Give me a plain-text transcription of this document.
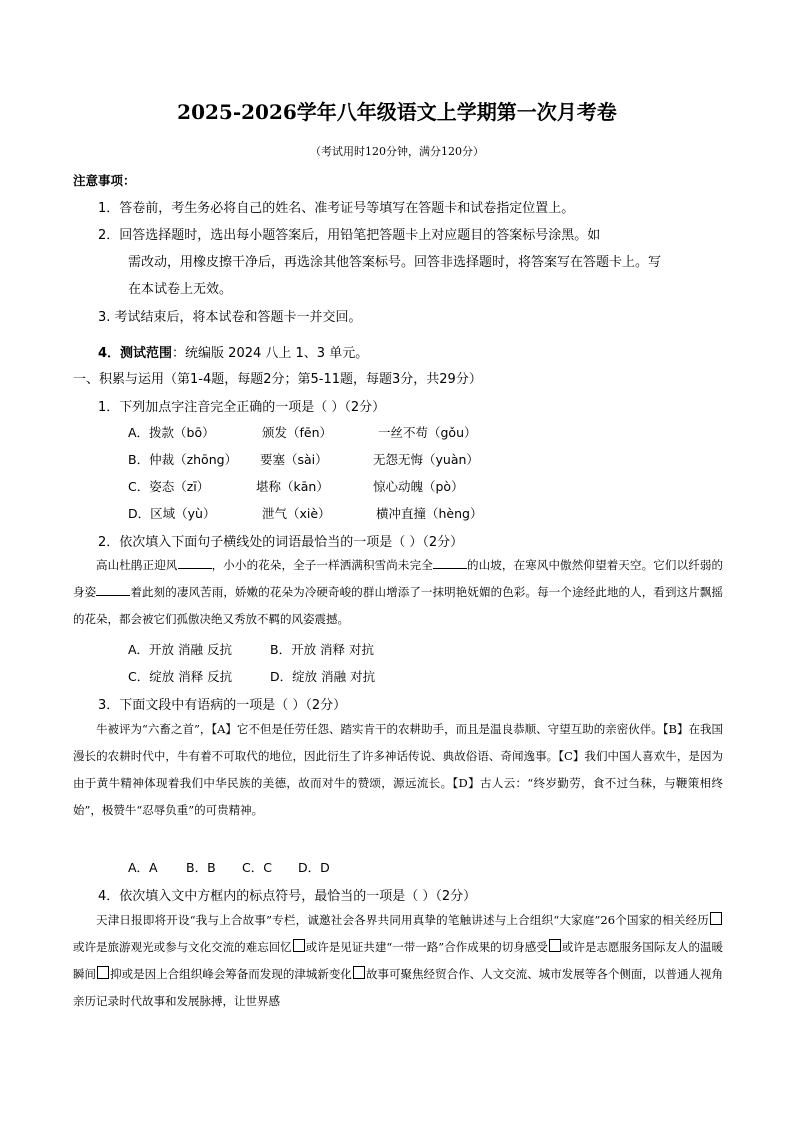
2025-2026学年八年级语文上学期第一次月考卷
（考试用时120分钟，满分120分）
注意事项：
1．答卷前，考生务必将自己的姓名、准考证号等填写在答题卡和试卷指定位置上。
2．回答选择题时，选出每小题答案后，用铅笔把答题卡上对应题目的答案标号涂黑。如
需改动，用橡皮擦干净后，再选涂其他答案标号。回答非选择题时，将答案写在答题卡上。写
在本试卷上无效。
3. 考试结束后，将本试卷和答题卡一并交回。
4．测试范围：统编版 2024 八上 1、3 单元。
一、积累与运用（第1-4题，每题2分；第5-11题，每题3分，共29分）
1．下列加点字注音完全正确的一项是（ ）（2分）
A．拨款（bō）	颁发（fēn）	一丝不苟（gǒu）
B．仲裁（zhōng） 要塞（sài）	无怨无悔（yuàn）
C．姿态（zī）	堪称（kān）	惊心动魄（pò）
D．区域（yù）	泄气（xiè）	横冲直撞（hèng）
2．依次填入下面句子横线处的词语最恰当的一项是（ ）（2分）

高山杜鹃正迎风	，小小的花朵，全子一样洒满积雪尚未完全	的山坡，在寒风中傲然仰望着天空。它们以纤弱的身姿	着此刻的凄风苦雨，娇嫩的花朵为冷硬奇峻的群山增添了一抹明艳妩媚的色彩。每一个途经此地的人，看到这片飘摇的花朵，都会被它们孤傲决绝又秀放不羁的风姿震撼。

A．开放 消融 反抗	B．开放 消释 对抗
C．绽放 消释 反抗	D．绽放 消融 对抗
3．下面文段中有语病的一项是（ ）（2分）

牛被评为“六畜之首”，【A】它不但是任劳任怨、踏实肯干的农耕助手，而且是温良恭顺、守望互助的亲密伙伴。【B】在我国漫长的农耕时代中，牛有着不可取代的地位，因此衍生了许多神话传说、典故俗语、奇闻逸事。【C】我们中国人喜欢牛，是因为由于黄牛精神体现着我们中华民族的美德，故而对牛的赞颂，源远流长。【D】古人云：“终岁勤劳，食不过刍秣，与鞭策相终始”，极赞牛“忍辱负重”的可贵精神。

A．A B．B C．C D．D
4．依次填入文中方框内的标点符号，最恰当的一项是（ ）（2分）

天津日报即将开设“我与上合故事”专栏，诚邀社会各界共同用真挚的笔触讲述与上合组织“大家庭”26个国家的相关经历或许是旅游观光或参与文化交流的难忘回忆 或许是见证共建“一带一路”合作成果的切身感受 或许是志愿服务国际友人的温暖瞬间 抑或是因上合组织峰会筹备而发现的津城新变化 故事可聚焦经贸合作、人文交流、城市发展等各个侧面，以普通人视角亲历记录时代故事和发展脉搏，让世界感
